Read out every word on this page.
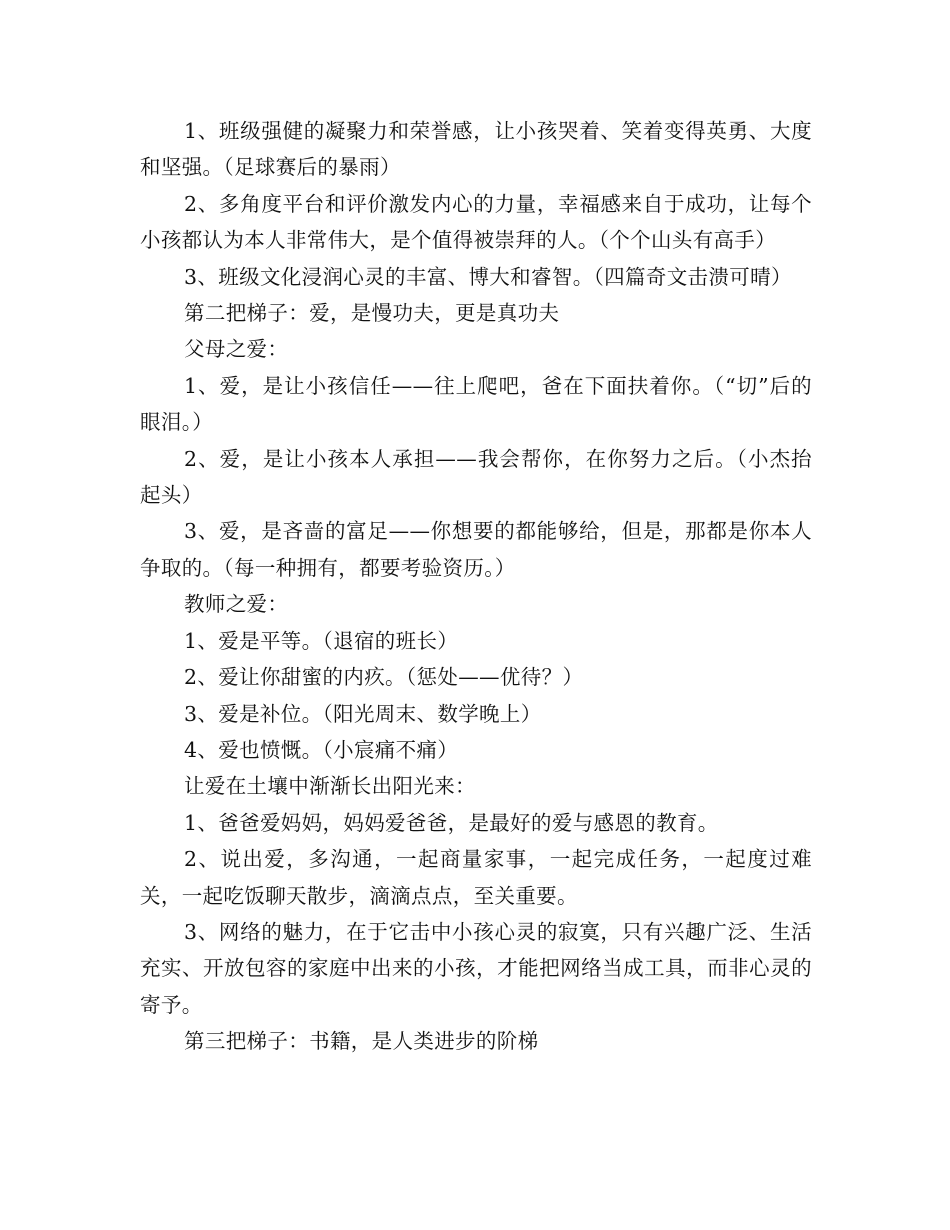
1、班级强健的凝聚力和荣誉感，让小孩哭着、笑着变得英勇、大度和坚强。（足球赛后的暴雨）

2、多角度平台和评价激发内心的力量，幸福感来自于成功，让每个小孩都认为本人非常伟大，是个值得被崇拜的人。（个个山头有高手）

3、班级文化浸润心灵的丰富、博大和睿智。（四篇奇文击溃可晴）

第二把梯子：爱，是慢功夫，更是真功夫

父母之爱：

1、爱，是让小孩信任——往上爬吧，爸在下面扶着你。（“切”后的眼泪。）

2、爱，是让小孩本人承担——我会帮你，在你努力之后。（小杰抬起头）

3、爱，是吝啬的富足——你想要的都能够给，但是，那都是你本人争取的。（每一种拥有，都要考验资历。）

教师之爱：

1、爱是平等。（退宿的班长）

2、爱让你甜蜜的内疚。（惩处——优待？）

3、爱是补位。（阳光周末、数学晚上）

4、爱也愤慨。（小宸痛不痛）

让爱在土壤中渐渐长出阳光来：

1、爸爸爱妈妈，妈妈爱爸爸，是最好的爱与感恩的教育。

2、说出爱，多沟通，一起商量家事，一起完成任务，一起度过难关，一起吃饭聊天散步，滴滴点点，至关重要。

3、网络的魅力，在于它击中小孩心灵的寂寞，只有兴趣广泛、生活充实、开放包容的家庭中出来的小孩，才能把网络当成工具，而非心灵的寄予。

第三把梯子：书籍，是人类进步的阶梯
